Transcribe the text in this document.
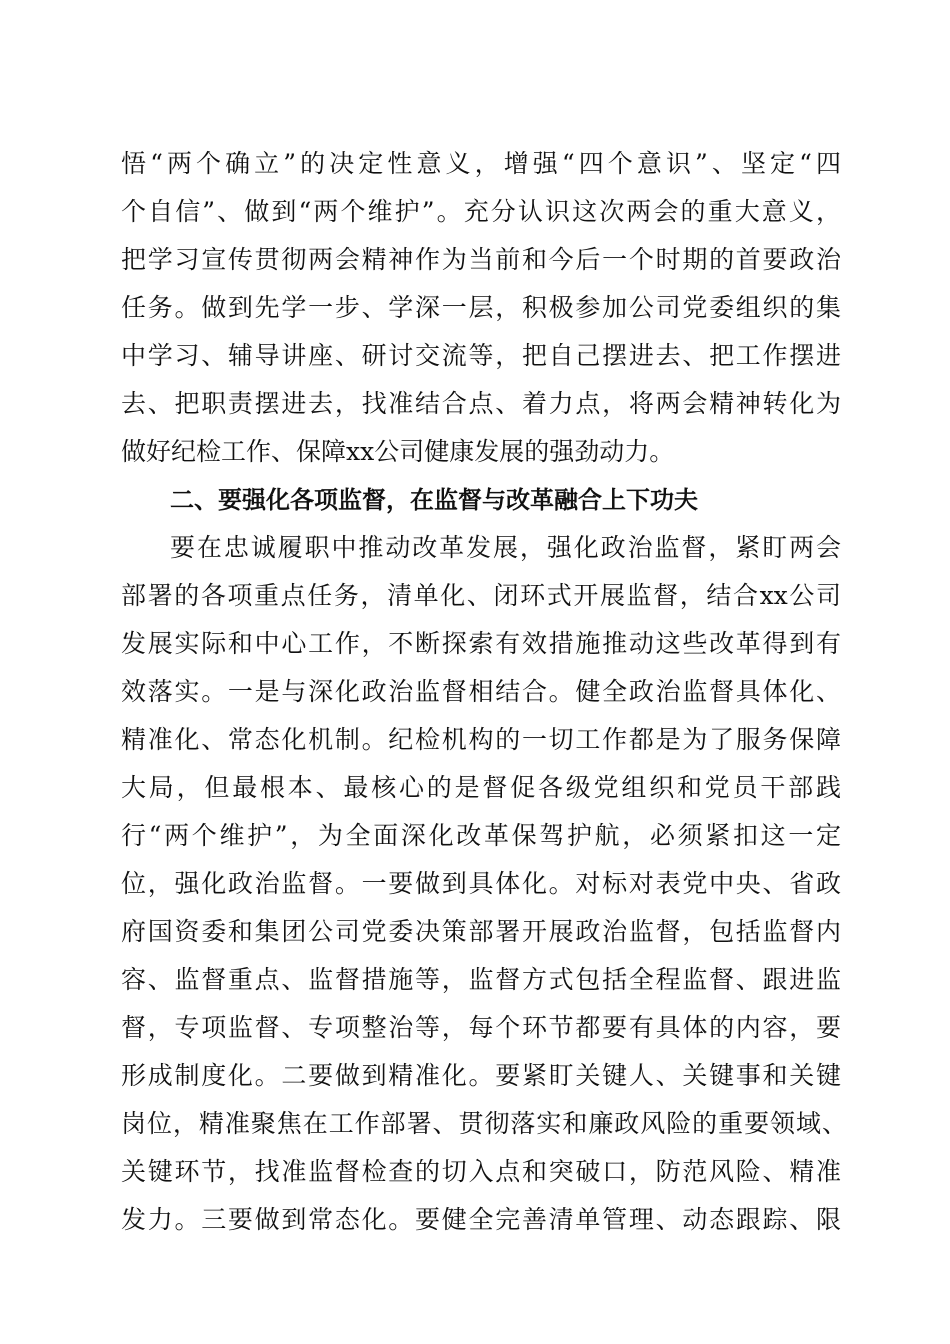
悟“两个确立”的决定性意义，增强“四个意识”、坚定“四
个自信”、做到“两个维护”。充分认识这次两会的重大意义，
把学习宣传贯彻两会精神作为当前和今后一个时期的首要政治
任务。做到先学一步、学深一层，积极参加公司党委组织的集
中学习、辅导讲座、研讨交流等，把自己摆进去、把工作摆进
去、把职责摆进去，找准结合点、着力点，将两会精神转化为
做好纪检工作、保障xx公司健康发展的强劲动力。
二、要强化各项监督，在监督与改革融合上下功夫
要在忠诚履职中推动改革发展，强化政治监督，紧盯两会
部署的各项重点任务，清单化、闭环式开展监督，结合xx公司
发展实际和中心工作，不断探索有效措施推动这些改革得到有
效落实。一是与深化政治监督相结合。健全政治监督具体化、
精准化、常态化机制。纪检机构的一切工作都是为了服务保障
大局，但最根本、最核心的是督促各级党组织和党员干部践
行“两个维护”，为全面深化改革保驾护航，必须紧扣这一定
位，强化政治监督。一要做到具体化。对标对表党中央、省政
府国资委和集团公司党委决策部署开展政治监督，包括监督内
容、监督重点、监督措施等，监督方式包括全程监督、跟进监
督，专项监督、专项整治等，每个环节都要有具体的内容，要
形成制度化。二要做到精准化。要紧盯关键人、关键事和关键
岗位，精准聚焦在工作部署、贯彻落实和廉政风险的重要领域、
关键环节，找准监督检查的切入点和突破口，防范风险、精准
发力。三要做到常态化。要健全完善清单管理、动态跟踪、限
